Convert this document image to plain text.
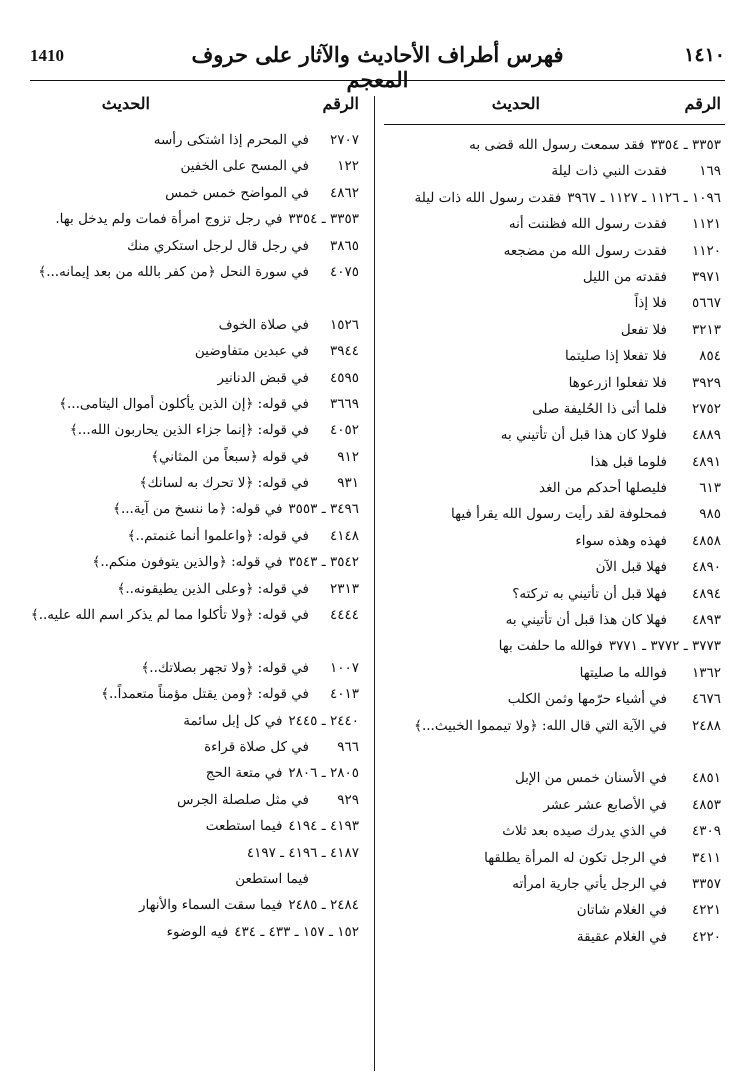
1410	فهرس أطراف الأحاديث والآثار على حروف المعجم
١٤١٠
الرقم
الحديث
٣٣٥٣ ـ ٣٣٥٤
فقد سمعت رسول الله قضى به
١٦٩
فقدت النبي ذات ليلة
١٠٩٦ ـ ١١٢٦ ـ ١١٢٧ ـ ٣٩٦٧
فقدت رسول الله ذات ليلة
١١٢١
فقدت رسول الله فظننت أنه
١١٢٠
فقدت رسول الله من مضجعه
٣٩٧١
فقدته من الليل
٥٦٦٧
فلا إذاً
٣٢١٣
فلا تفعل
٨٥٤
فلا تفعلا إذا صليتما
٣٩٢٩
فلا تفعلوا ازرعوها
٢٧٥٢
فلما أتى ذا الحُليفة صلى
٤٨٨٩
فلولا كان هذا قبل أن تأتيني به
٤٨٩١
فلوما قبل هذا
٦١٣
فليصلها أحدكم من الغد
٩٨٥
فمحلوفة لقد رأيت رسول الله يقرأ فيها
٤٨٥٨
فهذه وهذه سواء
٤٨٩٠
فهلا قبل الآن
٤٨٩٤
فهلا قبل أن تأتيني به تركته؟
٤٨٩٣
فهلا كان هذا قبل أن تأتيني به
٣٧٧٣ ـ ٣٧٧٢ ـ ٣٧٧١
فوالله ما حلفت بها
١٣٦٢
فوالله ما صليتها
٤٦٧٦
في أشياء حرّمها وثمن الكلب
٢٤٨٨
في الآية التي قال الله: ﴿ولا تيمموا الخبيث...﴾
٤٨٥١
في الأسنان خمس من الإبل
٤٨٥٣
في الأصابع عشر عشر
٤٣٠٩
في الذي يدرك صيده بعد ثلاث
٣٤١١
في الرجل تكون له المرأة يطلقها
٣٣٥٧
في الرجل يأتي جارية امرأته
٤٢٢١
في الغلام شاتان
٤٢٢٠
في الغلام عقيقة
الرقم
الحديث
٢٧٠٧
في المحرم إذا اشتكى رأسه
١٢٢
في المسح على الخفين
٤٨٦٢
في المواضح خمس خمس
٣٣٥٣ ـ ٣٣٥٤
في رجل تزوج امرأة فمات ولم يدخل بها.
٣٨٦٥
في رجل قال لرجل استكري منك
٤٠٧٥
في سورة النحل ﴿من كفر بالله من بعد إيمانه...﴾
١٥٢٦
في صلاة الخوف
٣٩٤٤
في عبدين متفاوضين
٤٥٩٥
في قبض الدنانير
٣٦٦٩
في قوله: ﴿إن الذين يأكلون أموال اليتامى...﴾
٤٠٥٢
في قوله: ﴿إنما جزاء الذين يحاربون الله...﴾
٩١٢
في قوله ﴿سبعاً من المثاني﴾
٩٣١
في قوله: ﴿لا تحرك به لسانك﴾
٣٤٩٦ ـ ٣٥٥٣
في قوله: ﴿ما ننسخ من آية...﴾
٤١٤٨
في قوله: ﴿واعلموا أنما غنمتم..﴾
٣٥٤٢ ـ ٣٥٤٣
في قوله: ﴿والذين يتوفون منكم..﴾
٢٣١٣
في قوله: ﴿وعلى الذين يطيقونه..﴾
٤٤٤٤
في قوله: ﴿ولا تأكلوا مما لم يذكر اسم الله عليه..﴾
١٠٠٧
في قوله: ﴿ولا تجهر بصلاتك..﴾
٤٠١٣
في قوله: ﴿ومن يقتل مؤمناً متعمداً..﴾
٢٤٤٠ ـ ٢٤٤٥
في كل إبل سائمة
٩٦٦
في كل صلاة قراءة
٢٨٠٥ ـ ٢٨٠٦
في متعة الحج
٩٢٩
في مثل صلصلة الجرس
٤١٩٣ ـ ٤١٩٤
فيما استطعت
٤١٨٧ ـ ٤١٩٦ ـ ٤١٩٧
فيما استطعن
٢٤٨٤ ـ ٢٤٨٥
فيما سقت السماء والأنهار
١٥٢ ـ ١٥٧ ـ ٤٣٣ ـ ٤٣٤
فيه الوضوء
